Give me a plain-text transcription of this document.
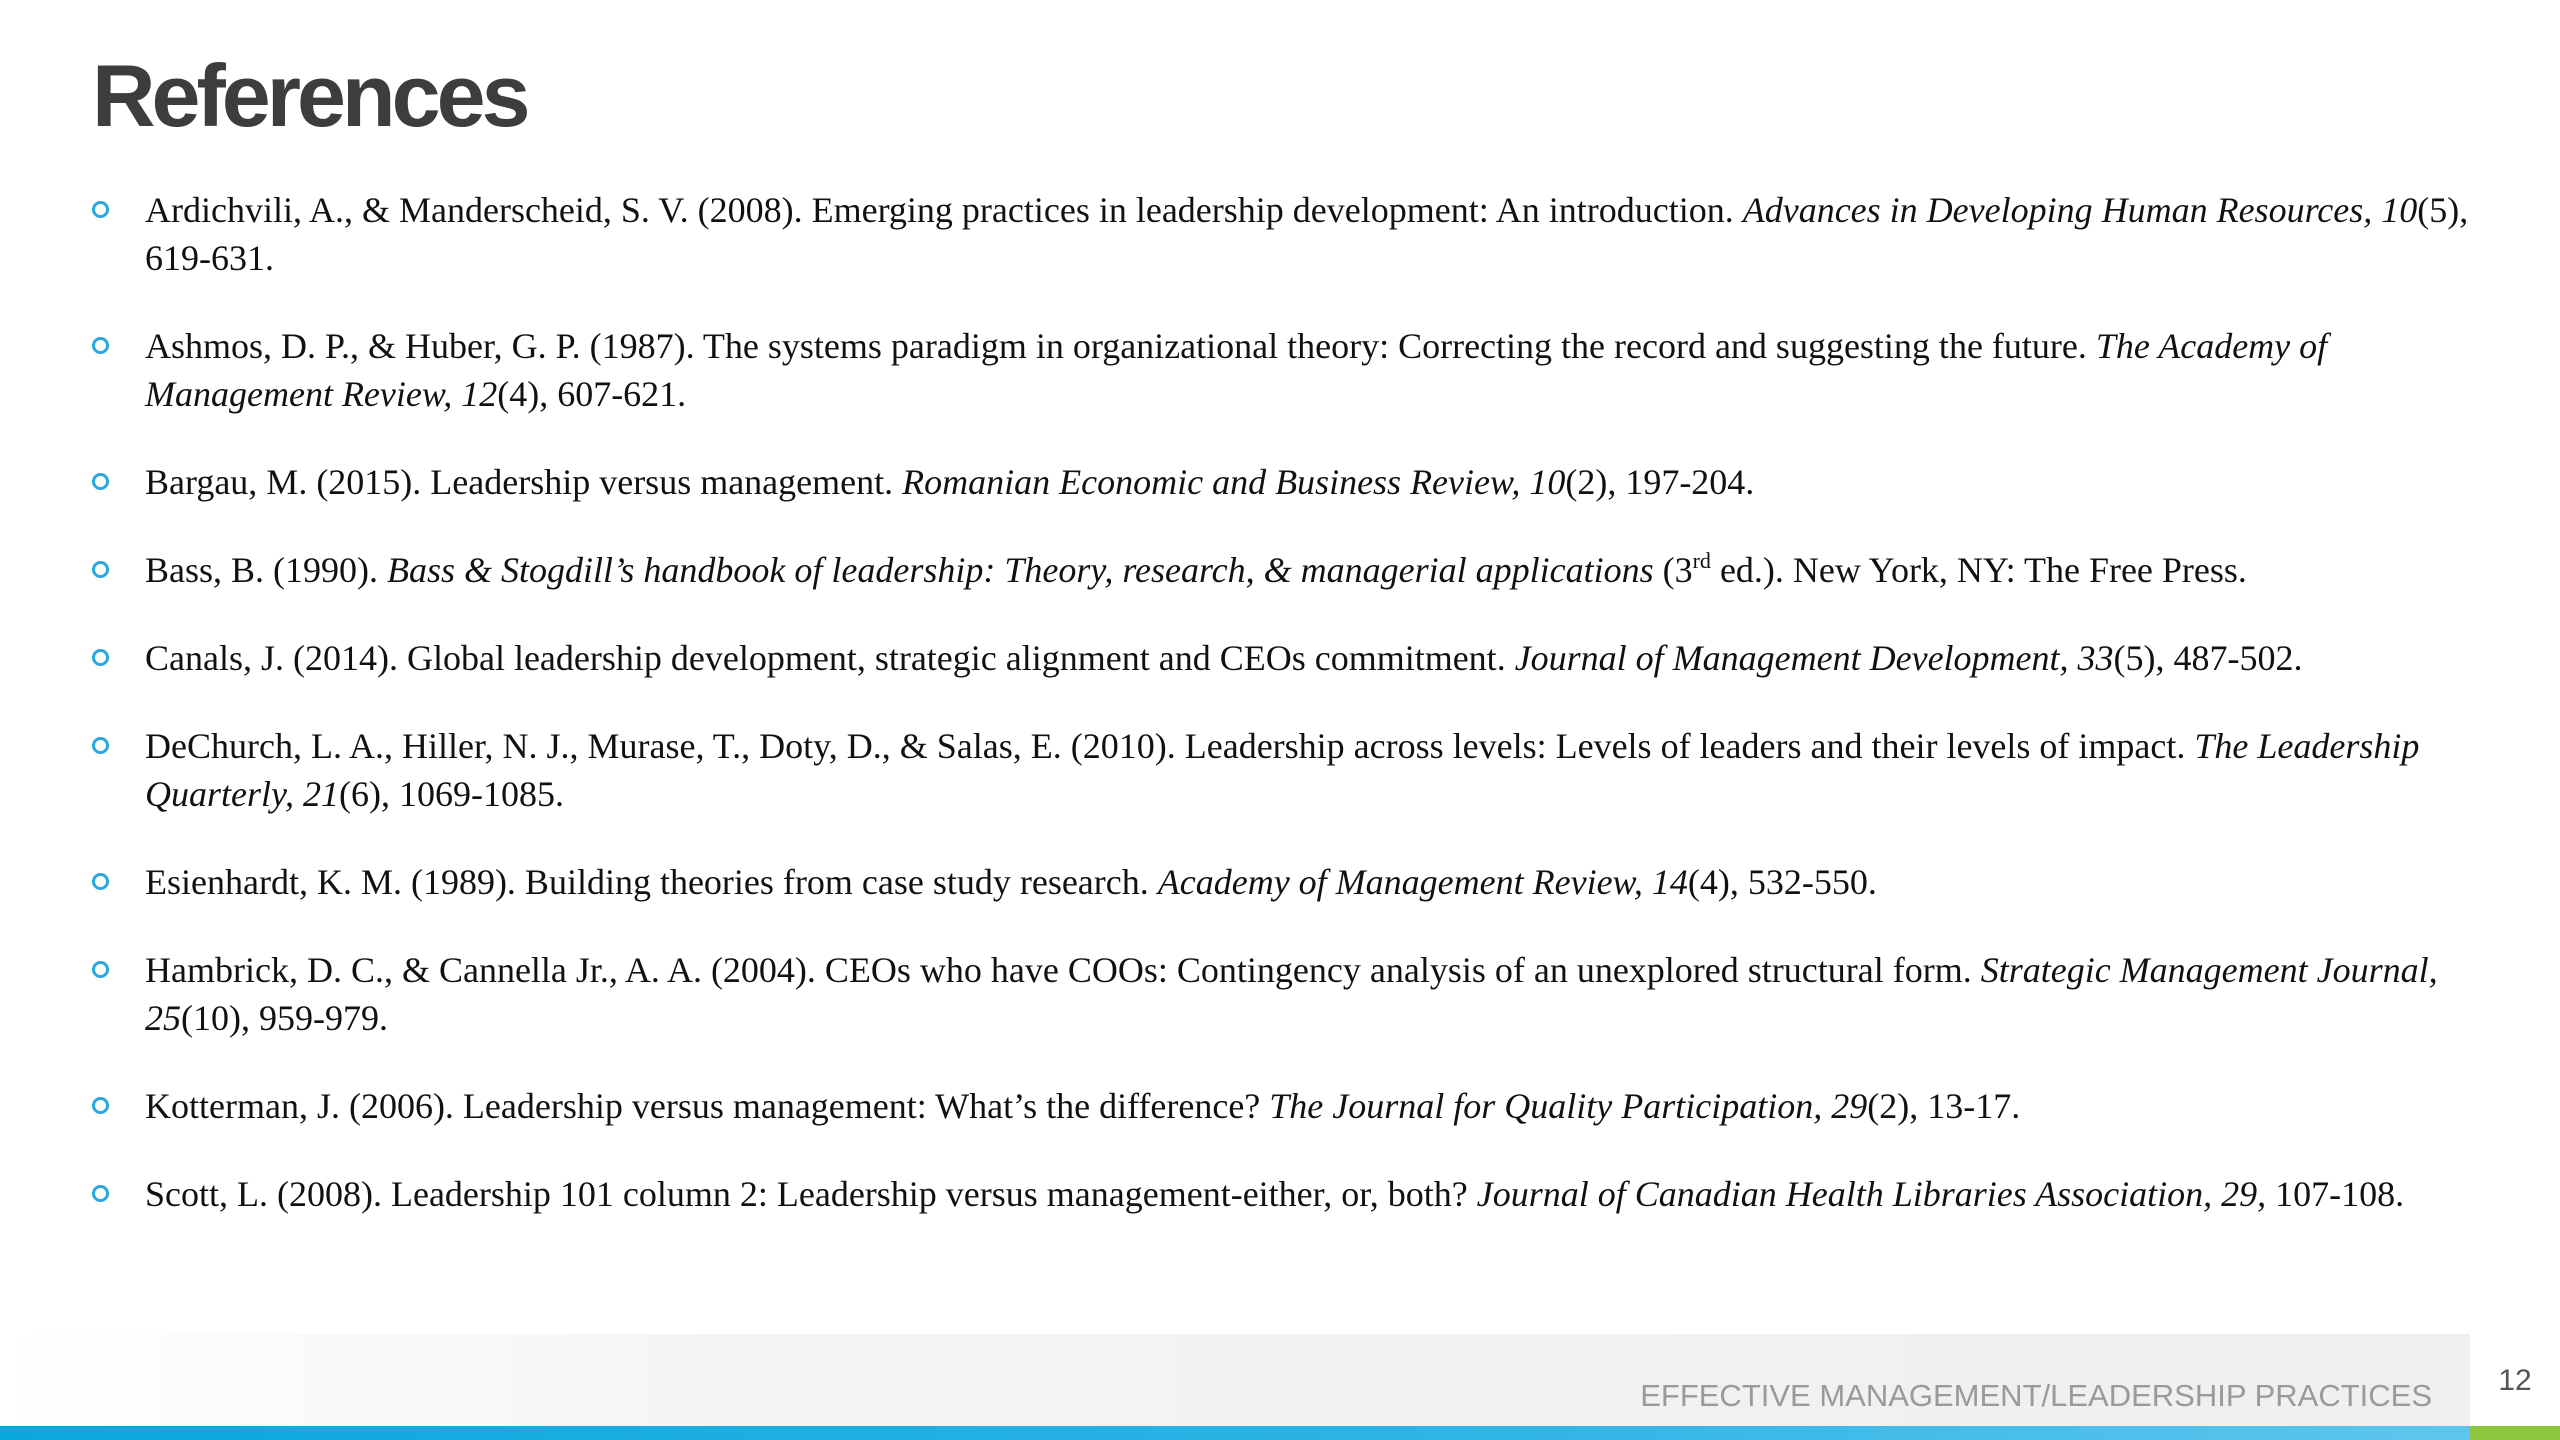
References
Ardichvili, A., & Manderscheid, S. V. (2008). Emerging practices in leadership development: An introduction. Advances in Developing Human Resources, 10(5), 619-631.
Ashmos, D. P., & Huber, G. P. (1987). The systems paradigm in organizational theory: Correcting the record and suggesting the future. The Academy of Management Review, 12(4), 607-621.
Bargau, M. (2015). Leadership versus management. Romanian Economic and Business Review, 10(2), 197-204.
Bass, B. (1990). Bass & Stogdill’s handbook of leadership: Theory, research, & managerial applications (3rd ed.). New York, NY: The Free Press.
Canals, J. (2014). Global leadership development, strategic alignment and CEOs commitment. Journal of Management Development, 33(5), 487-502.
DeChurch, L. A., Hiller, N. J., Murase, T., Doty, D., & Salas, E. (2010). Leadership across levels: Levels of leaders and their levels of impact. The Leadership Quarterly, 21(6), 1069-1085.
Esienhardt, K. M. (1989). Building theories from case study research. Academy of Management Review, 14(4), 532-550.
Hambrick, D. C., & Cannella Jr., A. A. (2004). CEOs who have COOs: Contingency analysis of an unexplored structural form. Strategic Management Journal, 25(10), 959-979.
Kotterman, J. (2006). Leadership versus management: What’s the difference? The Journal for Quality Participation, 29(2), 13-17.
Scott, L. (2008). Leadership 101 column 2: Leadership versus management-either, or, both? Journal of Canadian Health Libraries Association, 29, 107-108.
EFFECTIVE MANAGEMENT/LEADERSHIP PRACTICES	12
